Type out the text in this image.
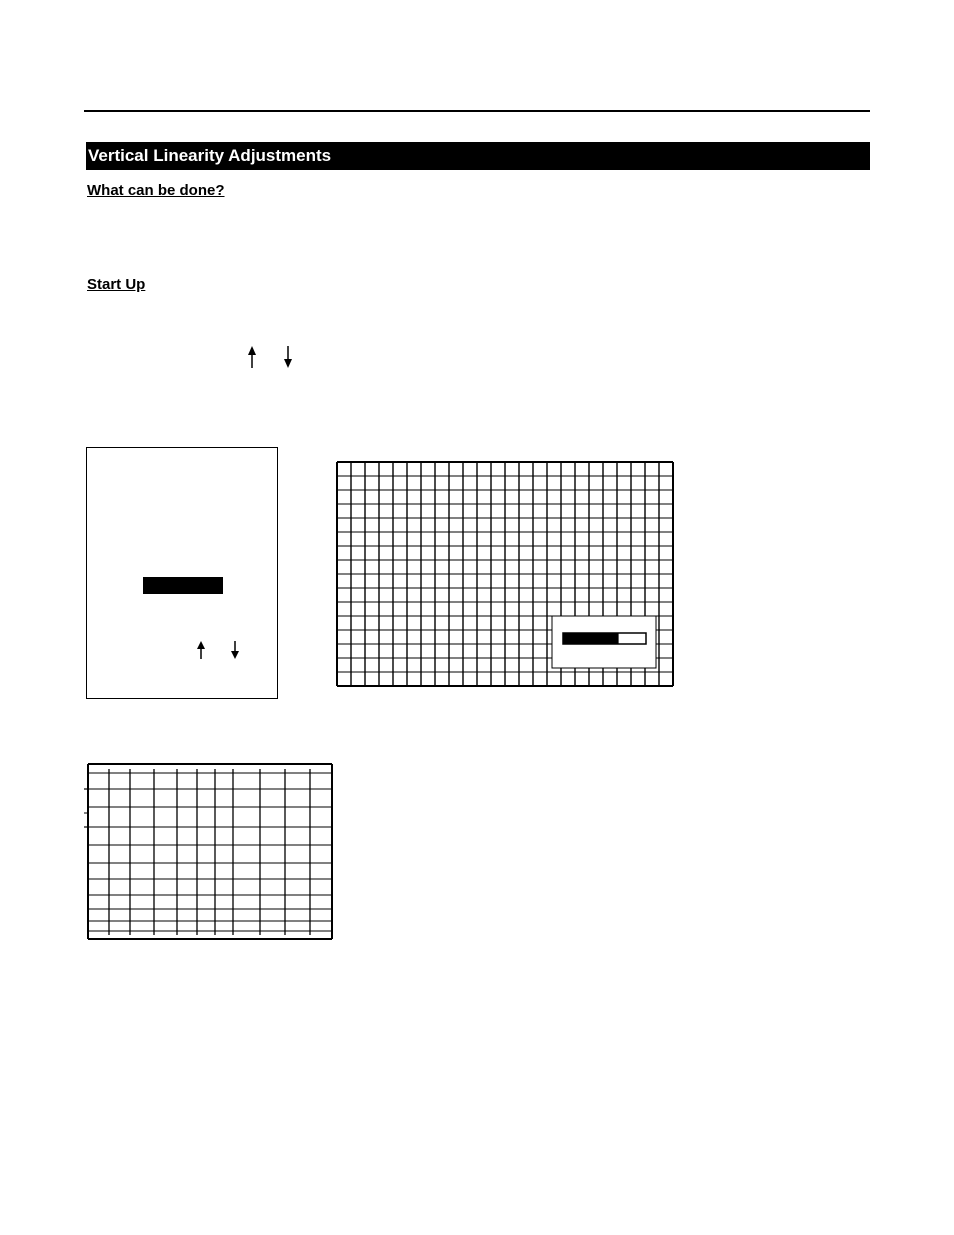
Vertical Linearity Adjustments
What can be done?
Start Up
